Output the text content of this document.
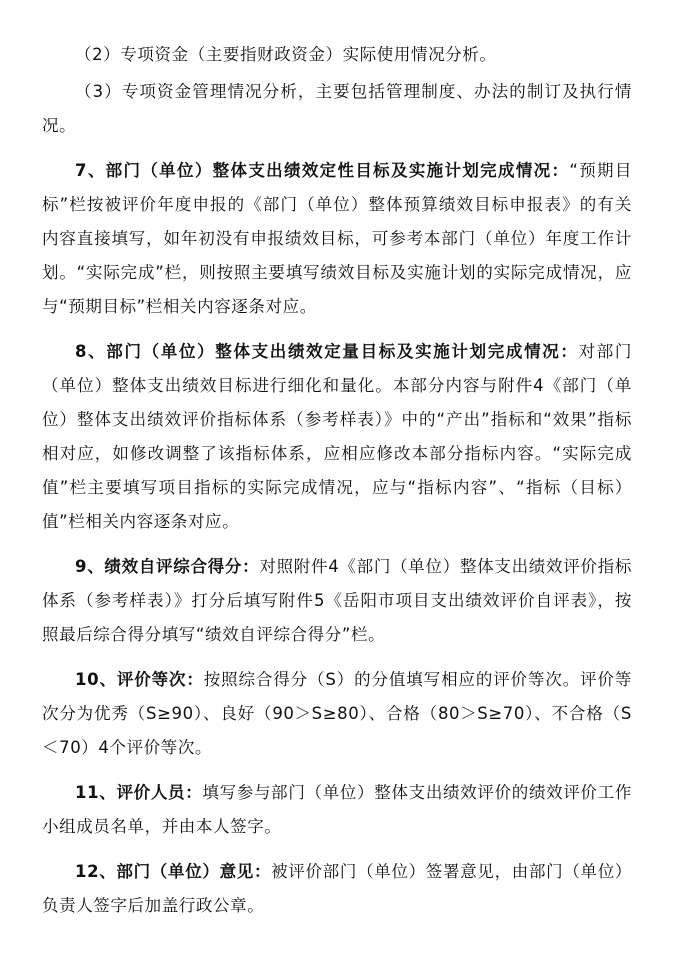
（2）专项资金（主要指财政资金）实际使用情况分析。

（3）专项资金管理情况分析，主要包括管理制度、办法的制订及执行情况。

7、部门（单位）整体支出绩效定性目标及实施计划完成情况：“预期目标”栏按被评价年度申报的《部门（单位）整体预算绩效目标申报表》的有关内容直接填写，如年初没有申报绩效目标，可参考本部门（单位）年度工作计划。“实际完成”栏，则按照主要填写绩效目标及实施计划的实际完成情况，应与“预期目标”栏相关内容逐条对应。

8、部门（单位）整体支出绩效定量目标及实施计划完成情况：对部门（单位）整体支出绩效目标进行细化和量化。本部分内容与附件4《部门（单位）整体支出绩效评价指标体系（参考样表）》中的“产出”指标和“效果”指标相对应，如修改调整了该指标体系，应相应修改本部分指标内容。“实际完成值”栏主要填写项目指标的实际完成情况，应与“指标内容”、“指标（目标）值”栏相关内容逐条对应。

9、绩效自评综合得分：对照附件4《部门（单位）整体支出绩效评价指标体系（参考样表）》打分后填写附件5《岳阳市项目支出绩效评价自评表》，按照最后综合得分填写“绩效自评综合得分”栏。

10、评价等次：按照综合得分（S）的分值填写相应的评价等次。评价等次分为优秀（S≥90）、良好（90＞S≥80）、合格（80＞S≥70）、不合格（S＜70）4个评价等次。

11、评价人员：填写参与部门（单位）整体支出绩效评价的绩效评价工作小组成员名单，并由本人签字。

12、部门（单位）意见：被评价部门（单位）签署意见，由部门（单位）负责人签字后加盖行政公章。
